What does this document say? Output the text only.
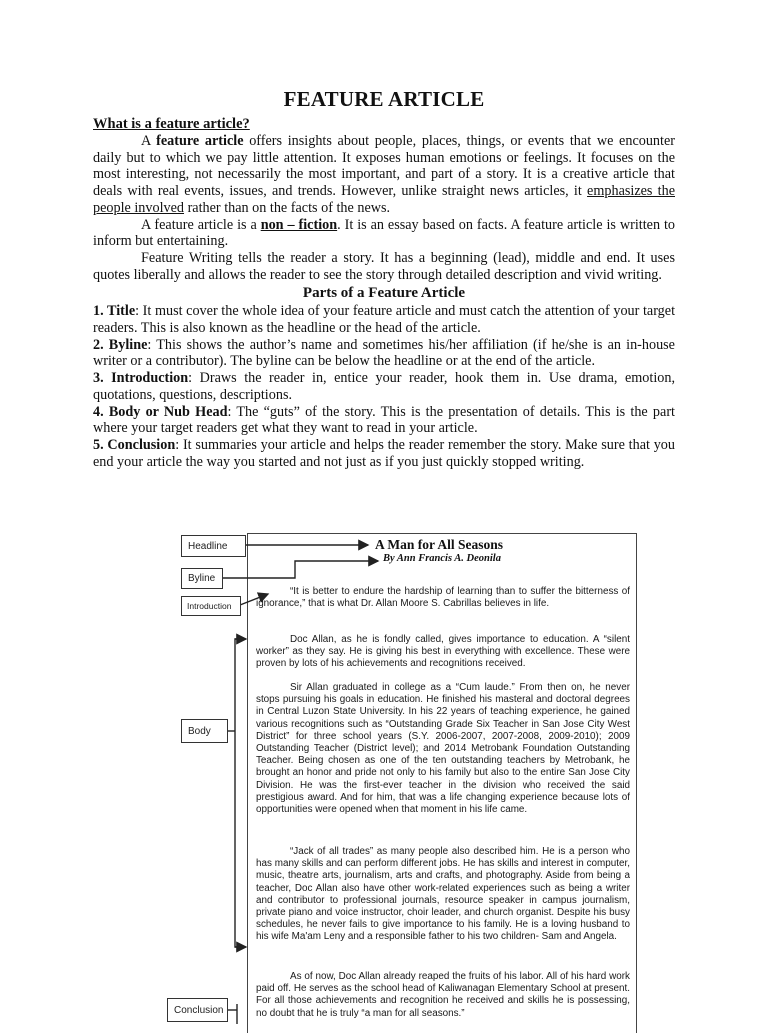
FEATURE ARTICLE
What is a feature article?

A feature article offers insights about people, places, things, or events that we encounter daily but to which we pay little attention. It exposes human emotions or feelings. It focuses on the most interesting, not necessarily the most important, and part of a story. It is a creative article that deals with real events, issues, and trends. However, unlike straight news articles, it emphasizes the people involved rather than on the facts of the news.

A feature article is a non – fiction. It is an essay based on facts. A feature article is written to inform but entertaining.

Feature Writing tells the reader a story. It has a beginning (lead), middle and end. It uses quotes liberally and allows the reader to see the story through detailed description and vivid writing.

Parts of a Feature Article

1. Title: It must cover the whole idea of your feature article and must catch the attention of your target readers. This is also known as the headline or the head of the article.

2. Byline: This shows the author’s name and sometimes his/her affiliation (if he/she is an in-house writer or a contributor). The byline can be below the headline or at the end of the article.

3. Introduction: Draws the reader in, entice your reader, hook them in. Use drama, emotion, quotations, questions, descriptions.

4. Body or Nub Head: The “guts” of the story. This is the presentation of details. This is the part where your target readers get what they want to read in your article.

5. Conclusion: It summaries your article and helps the reader remember the story. Make sure that you end your article the way you started and not just as if you just quickly stopped writing.

Headline
Byline
Introduction
Body
Conclusion
A Man for All Seasons
By Ann Francis A. Deonila
“It is better to endure the hardship of learning than to suffer the bitterness of ignorance,” that is what Dr. Allan Moore S. Cabrillas believes in life.
Doc Allan, as he is fondly called, gives importance to education. A “silent worker” as they say. He is giving his best in everything with excellence. These were proven by lots of his achievements and recognitions received.
Sir Allan graduated in college as a “Cum laude.” From then on, he never stops pursuing his goals in education. He finished his masteral and doctoral degrees in Central Luzon State University. In his 22 years of teaching experience, he gained various recognitions such as “Outstanding Grade Six Teacher in San Jose City West District” for three school years (S.Y. 2006-2007, 2007-2008, 2009-2010); 2009 Outstanding Teacher (District level); and 2014 Metrobank Foundation Outstanding Teacher. Being chosen as one of the ten outstanding teachers by Metrobank, he brought an honor and pride not only to his family but also to the entire San Jose City Division. He was the first-ever teacher in the division who received the said prestigious award. And for him, that was a life changing experience because lots of opportunities were opened when that moment in his life came.
“Jack of all trades” as many people also described him. He is a person who has many skills and can perform different jobs. He has skills and interest in computer, music, theatre arts, journalism, arts and crafts, and photography. Aside from being a teacher, Doc Allan also have other work-related experiences such as being a writer and contributor to professional journals, resource speaker in campus journalism, private piano and voice instructor, choir leader, and church organist. Despite his busy schedules, he never fails to give importance to his family. He is a loving husband to his wife Ma'am Leny and a responsible father to his two children- Sam and Angela.
As of now, Doc Allan already reaped the fruits of his labor. All of his hard work paid off. He serves as the school head of Kaliwanagan Elementary School at present. For all those achievements and recognition he received and skills he is possessing, no doubt that he is truly “a man for all seasons.”
